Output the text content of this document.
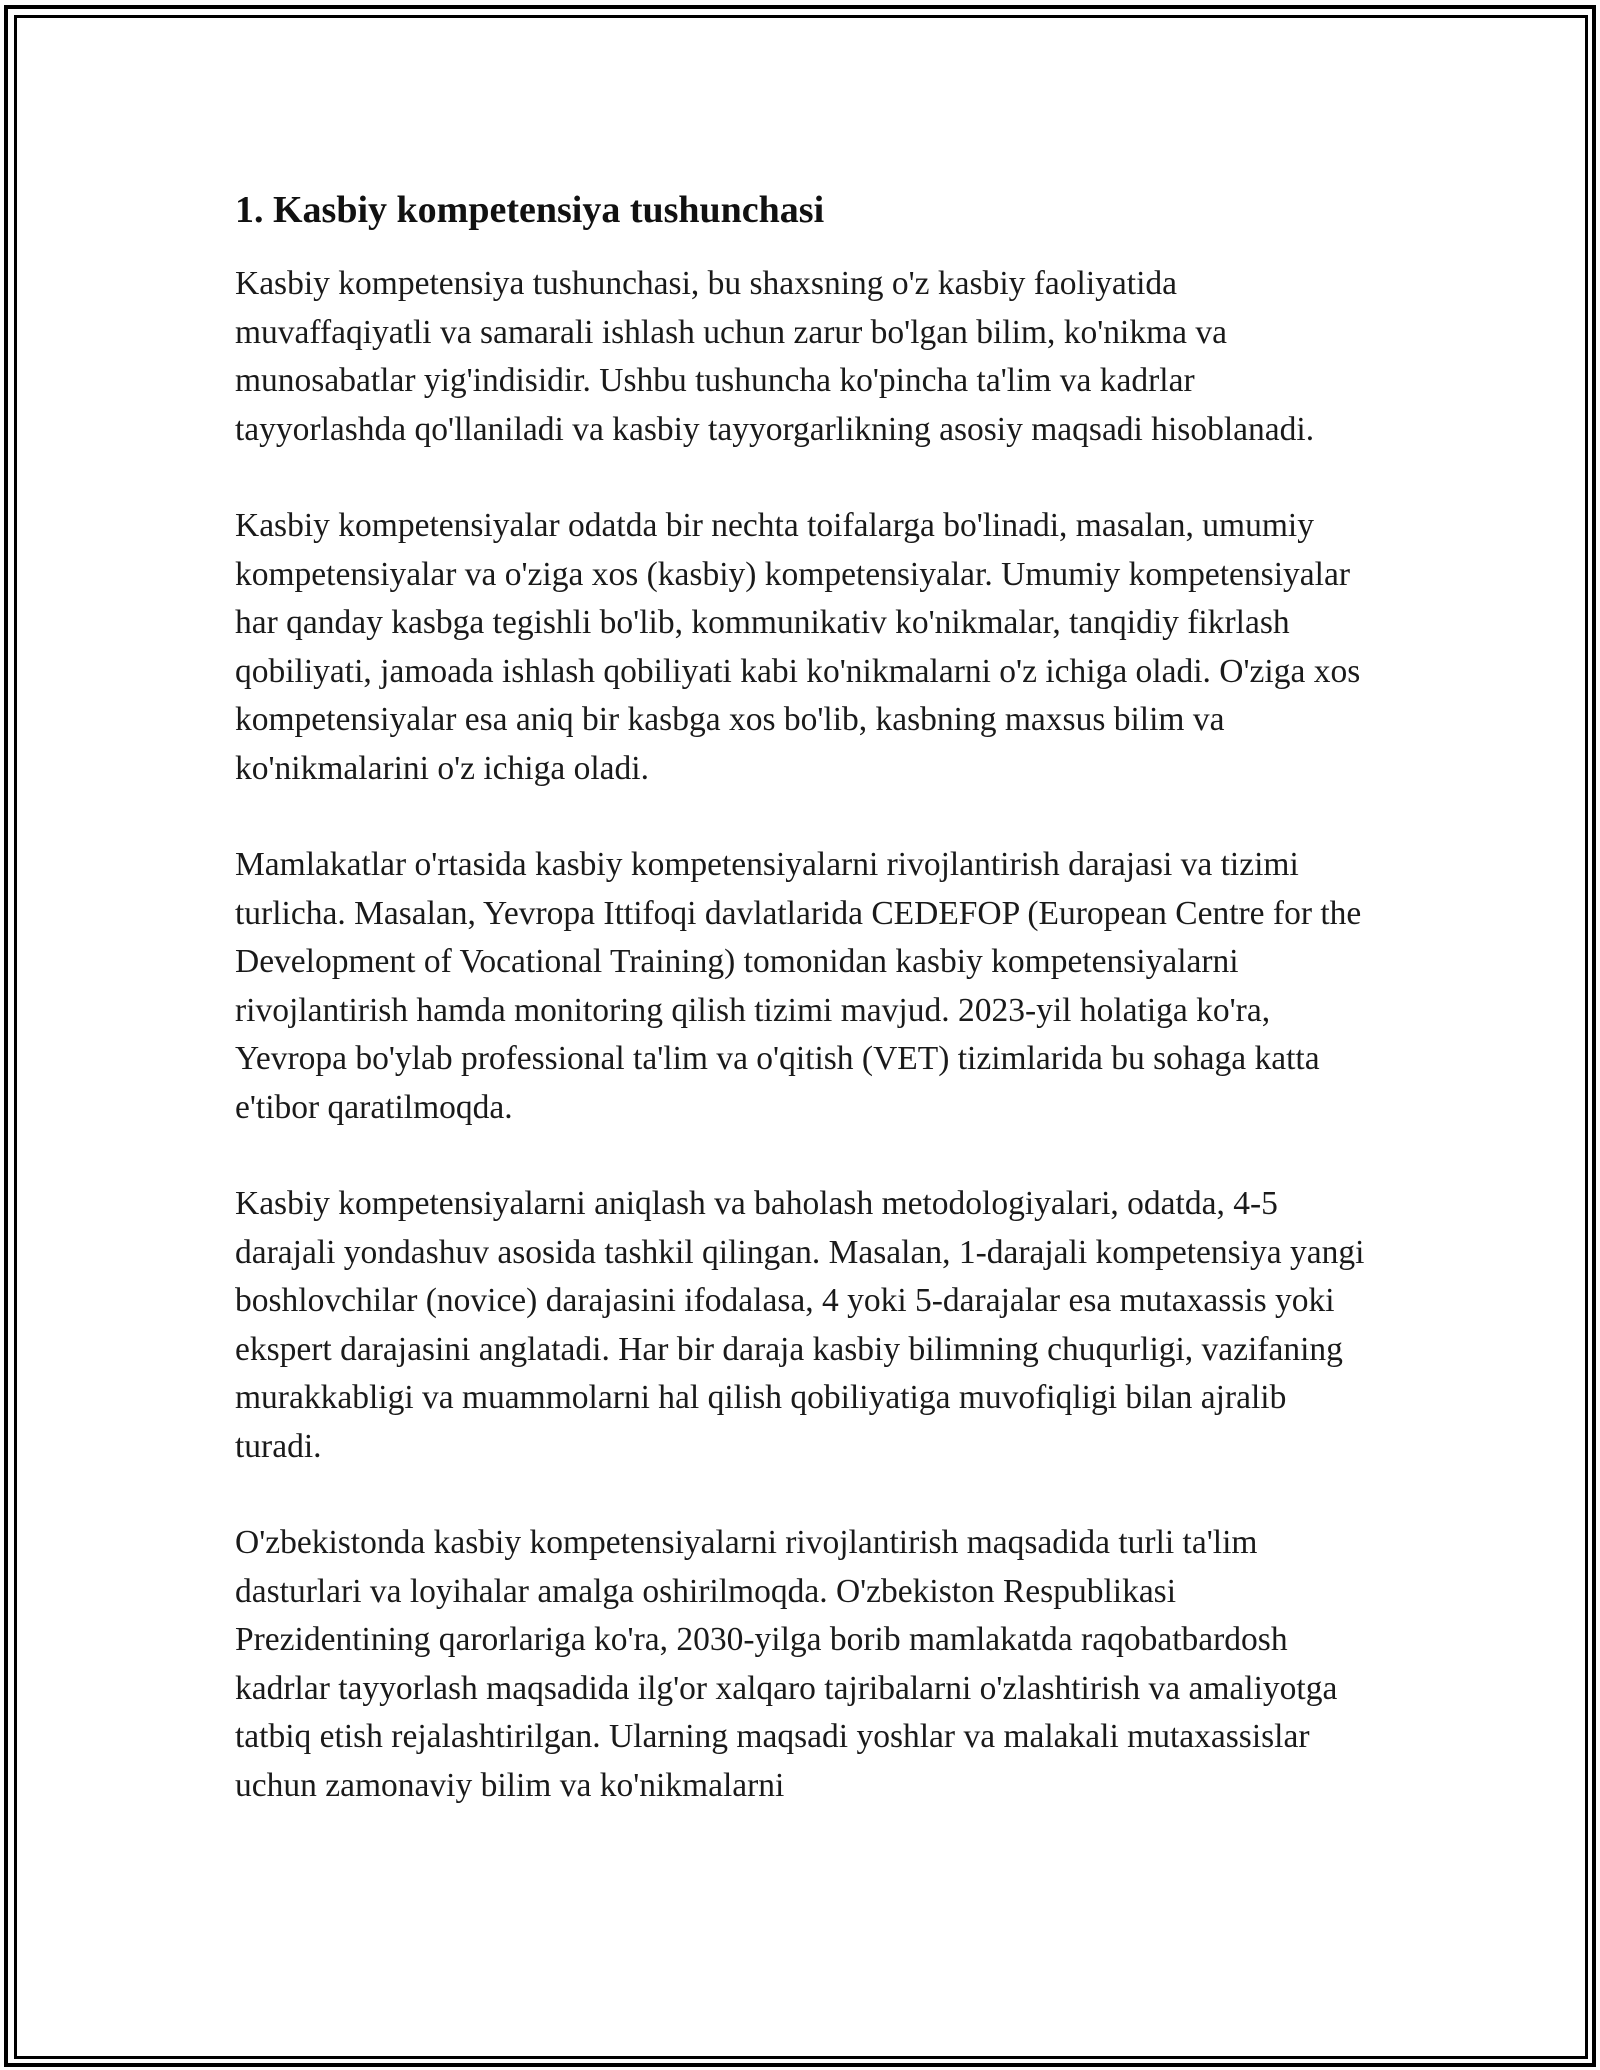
1. Kasbiy kompetensiya tushunchasi

Kasbiy kompetensiya tushunchasi, bu shaxsning o'z kasbiy faoliyatida muvaffaqiyatli va samarali ishlash uchun zarur bo'lgan bilim, ko'nikma va munosabatlar yig'indisidir. Ushbu tushuncha ko'pincha ta'lim va kadrlar tayyorlashda qo'llaniladi va kasbiy tayyorgarlikning asosiy maqsadi hisoblanadi.

Kasbiy kompetensiyalar odatda bir nechta toifalarga bo'linadi, masalan, umumiy kompetensiyalar va o'ziga xos (kasbiy) kompetensiyalar. Umumiy kompetensiyalar har qanday kasbga tegishli bo'lib, kommunikativ ko'nikmalar, tanqidiy fikrlash qobiliyati, jamoada ishlash qobiliyati kabi ko'nikmalarni o'z ichiga oladi. O'ziga xos kompetensiyalar esa aniq bir kasbga xos bo'lib, kasbning maxsus bilim va ko'nikmalarini o'z ichiga oladi.

Mamlakatlar o'rtasida kasbiy kompetensiyalarni rivojlantirish darajasi va tizimi turlicha. Masalan, Yevropa Ittifoqi davlatlarida CEDEFOP (European Centre for the Development of Vocational Training) tomonidan kasbiy kompetensiyalarni rivojlantirish hamda monitoring qilish tizimi mavjud. 2023-yil holatiga ko'ra, Yevropa bo'ylab professional ta'lim va o'qitish (VET) tizimlarida bu sohaga katta e'tibor qaratilmoqda.

Kasbiy kompetensiyalarni aniqlash va baholash metodologiyalari, odatda, 4-5 darajali yondashuv asosida tashkil qilingan. Masalan, 1-darajali kompetensiya yangi boshlovchilar (novice) darajasini ifodalasa, 4 yoki 5-darajalar esa mutaxassis yoki ekspert darajasini anglatadi. Har bir daraja kasbiy bilimning chuqurligi, vazifaning murakkabligi va muammolarni hal qilish qobiliyatiga muvofiqligi bilan ajralib turadi.

O'zbekistonda kasbiy kompetensiyalarni rivojlantirish maqsadida turli ta'lim dasturlari va loyihalar amalga oshirilmoqda. O'zbekiston Respublikasi Prezidentining qarorlariga ko'ra, 2030-yilga borib mamlakatda raqobatbardosh kadrlar tayyorlash maqsadida ilg'or xalqaro tajribalarni o'zlashtirish va amaliyotga tatbiq etish rejalashtirilgan. Ularning maqsadi yoshlar va malakali mutaxassislar uchun zamonaviy bilim va ko'nikmalarni
